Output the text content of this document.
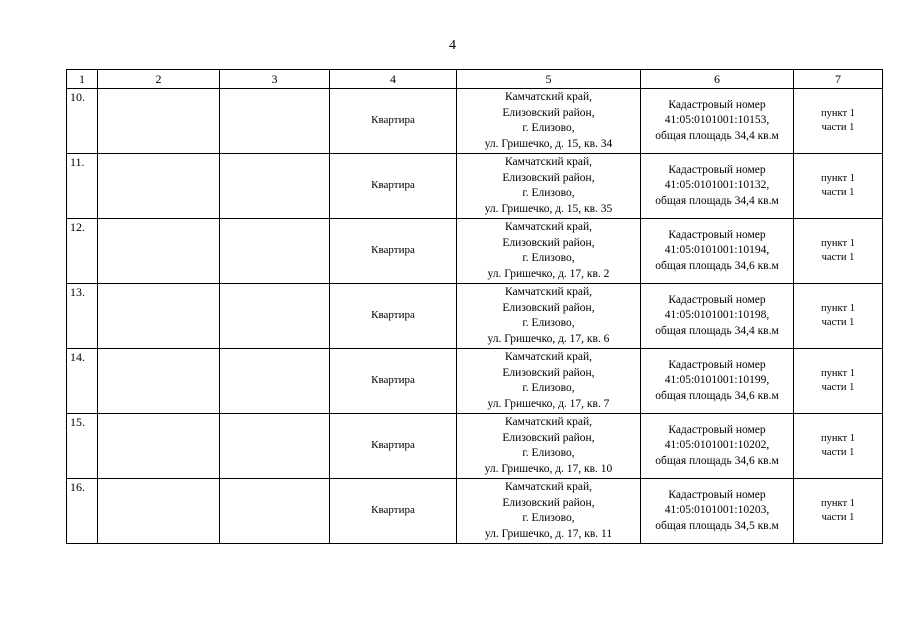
4
1	2	3	4	5	6	7
10.			Квартира	Камчатский край,
Елизовский район,
г. Елизово,
ул. Гришечко, д. 15, кв. 34	Кадастровый номер
41:05:0101001:10153,
общая площадь 34,4 кв.м	пункт 1
части 1

11.			Квартира	Камчатский край,
Елизовский район,
г. Елизово,
ул. Гришечко, д. 15, кв. 35	Кадастровый номер
41:05:0101001:10132,
общая площадь 34,4 кв.м	пункт 1
части 1

12.			Квартира	Камчатский край,
Елизовский район,
г. Елизово,
ул. Гришечко, д. 17, кв. 2	Кадастровый номер
41:05:0101001:10194,
общая площадь 34,6 кв.м	пункт 1
части 1

13.			Квартира	Камчатский край,
Елизовский район,
г. Елизово,
ул. Гришечко, д. 17, кв. 6	Кадастровый номер
41:05:0101001:10198,
общая площадь 34,4 кв.м	пункт 1
части 1

14.			Квартира	Камчатский край,
Елизовский район,
г. Елизово,
ул. Гришечко, д. 17, кв. 7	Кадастровый номер
41:05:0101001:10199,
общая площадь 34,6 кв.м	пункт 1
части 1

15.			Квартира	Камчатский край,
Елизовский район,
г. Елизово,
ул. Гришечко, д. 17, кв. 10	Кадастровый номер
41:05:0101001:10202,
общая площадь 34,6 кв.м	пункт 1
части 1

16.			Квартира	Камчатский край,
Елизовский район,
г. Елизово,
ул. Гришечко, д. 17, кв. 11	Кадастровый номер
41:05:0101001:10203,
общая площадь 34,5 кв.м	пункт 1
части 1
